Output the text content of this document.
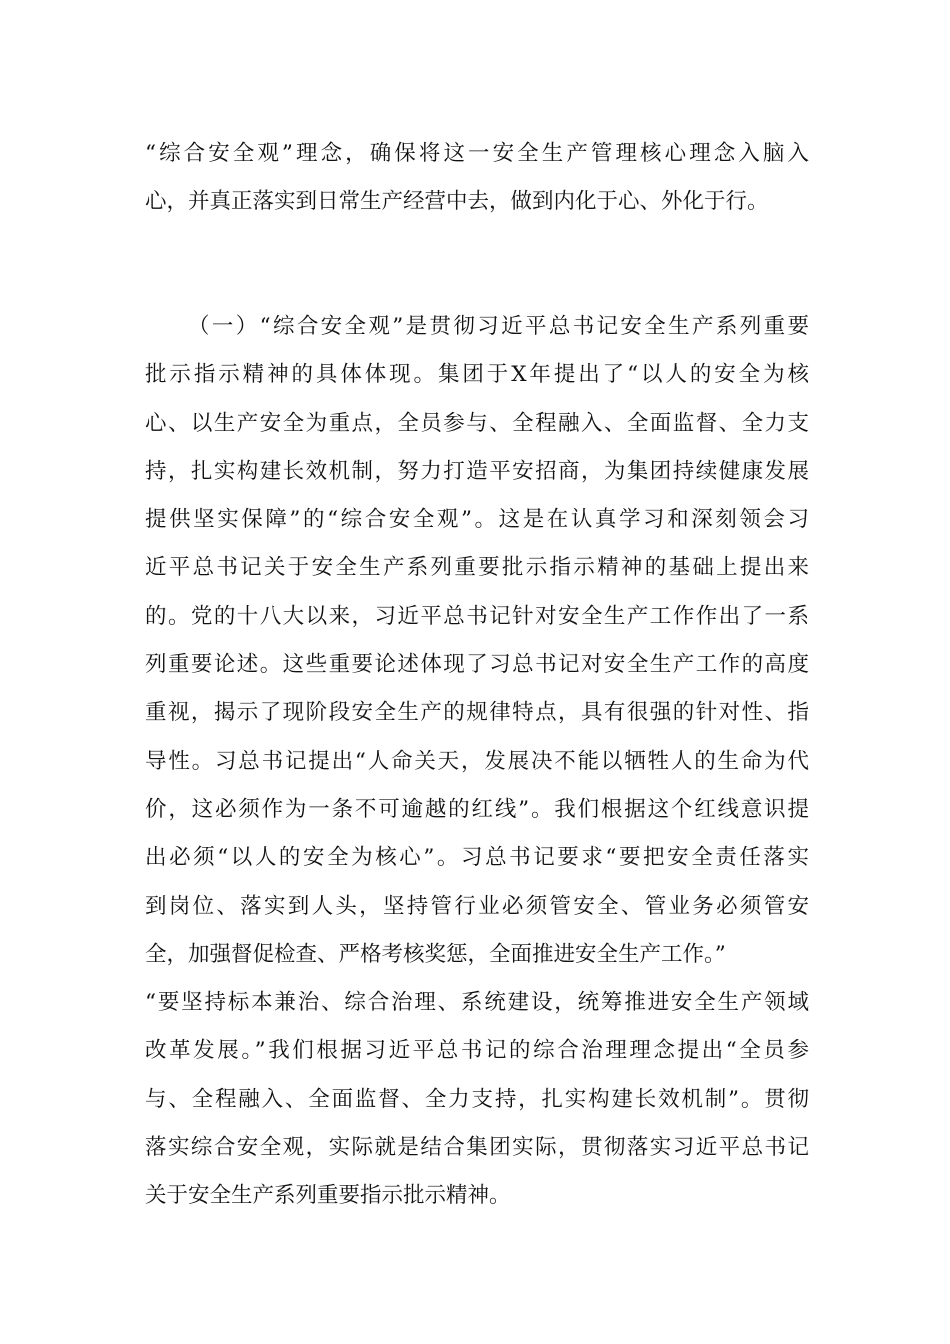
“综合安全观”理念，确保将这一安全生产管理核心理念入脑入
心，并真正落实到日常生产经营中去，做到内化于心、外化于行。
（一）“综合安全观”是贯彻习近平总书记安全生产系列重要
批示指示精神的具体体现。集团于X年提出了“以人的安全为核
心、以生产安全为重点，全员参与、全程融入、全面监督、全力支
持，扎实构建长效机制，努力打造平安招商，为集团持续健康发展
提供坚实保障”的“综合安全观”。这是在认真学习和深刻领会习
近平总书记关于安全生产系列重要批示指示精神的基础上提出来
的。党的十八大以来，习近平总书记针对安全生产工作作出了一系
列重要论述。这些重要论述体现了习总书记对安全生产工作的高度
重视，揭示了现阶段安全生产的规律特点，具有很强的针对性、指
导性。习总书记提出“人命关天，发展决不能以牺牲人的生命为代
价，这必须作为一条不可逾越的红线”。我们根据这个红线意识提
出必须“以人的安全为核心”。习总书记要求“要把安全责任落实
到岗位、落实到人头，坚持管行业必须管安全、管业务必须管安
全，加强督促检查、严格考核奖惩，全面推进安全生产工作。”
“要坚持标本兼治、综合治理、系统建设，统筹推进安全生产领域
改革发展。”我们根据习近平总书记的综合治理理念提出“全员参
与、全程融入、全面监督、全力支持，扎实构建长效机制”。贯彻
落实综合安全观，实际就是结合集团实际，贯彻落实习近平总书记
关于安全生产系列重要指示批示精神。
